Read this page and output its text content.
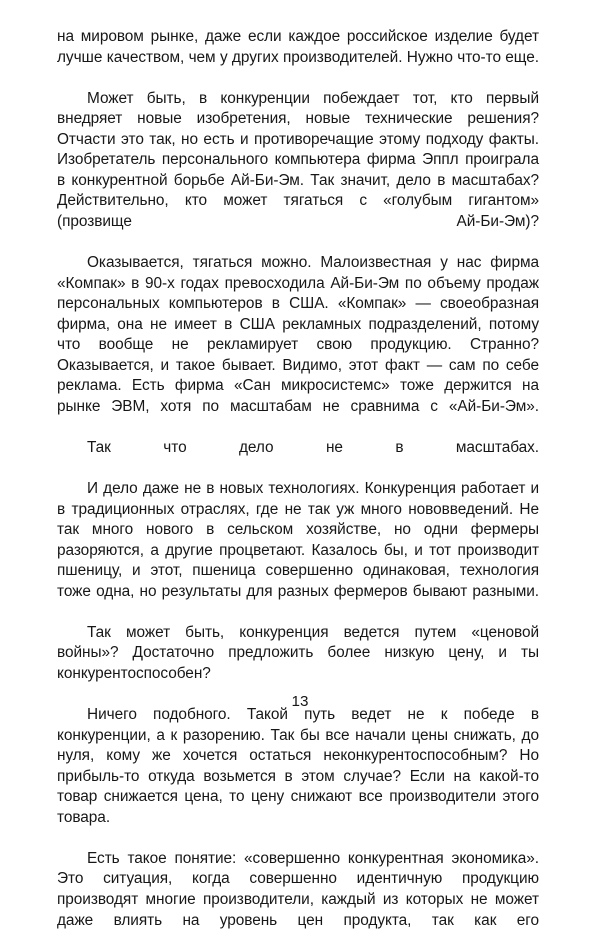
на мировом рынке, даже если каждое российское изделие будет лучше качеством, чем у других производителей. Нужно что-то еще.

Может быть, в конкуренции побеждает тот, кто первый внедряет новые изобретения, новые технические решения? Отчасти это так, но есть и противоречащие этому подходу факты. Изобретатель персонального компьютера фирма Эппл проиграла в конкурентной борьбе Ай-Би-Эм. Так значит, дело в масштабах? Действительно, кто может тягаться с «голубым гигантом» (прозвище Ай-Би-Эм)?

Оказывается, тягаться можно. Малоизвестная у нас фирма «Компак» в 90-х годах превосходила Ай-Би-Эм по объему продаж персональных компьютеров в США. «Компак» — своеобразная фирма, она не имеет в США рекламных подразделений, потому что вообще не рекламирует свою продукцию. Странно? Оказывается, и такое бывает. Видимо, этот факт — сам по себе реклама. Есть фирма «Сан микросистемс» тоже держится на рынке ЭВМ, хотя по масштабам не сравнима с «Ай-Би-Эм».

Так что дело не в масштабах.

И дело даже не в новых технологиях. Конкуренция работает и в традиционных отраслях, где не так уж много нововведений. Не так много нового в сельском хозяйстве, но одни фермеры разоряются, а другие процветают. Казалось бы, и тот производит пшеницу, и этот, пшеница совершенно одинаковая, технология тоже одна, но результаты для разных фермеров бывают разными.

Так может быть, конкуренция ведется путем «ценовой войны»? Достаточно предложить более низкую цену, и ты конкурентоспособен?

Ничего подобного. Такой путь ведет не к победе в конкуренции, а к разорению. Так бы все начали цены снижать, до нуля, кому же хочется остаться неконкурентоспособным? Но прибыль-то откуда возьмется в этом случае? Если на какой-то товар снижается цена, то цену снижают все производители этого товара.

Есть такое понятие: «совершенно конкурентная экономика». Это ситуация, когда совершенно идентичную продукцию производят многие производители, каждый из которых не может даже влиять на уровень цен продукта, так как его

13
